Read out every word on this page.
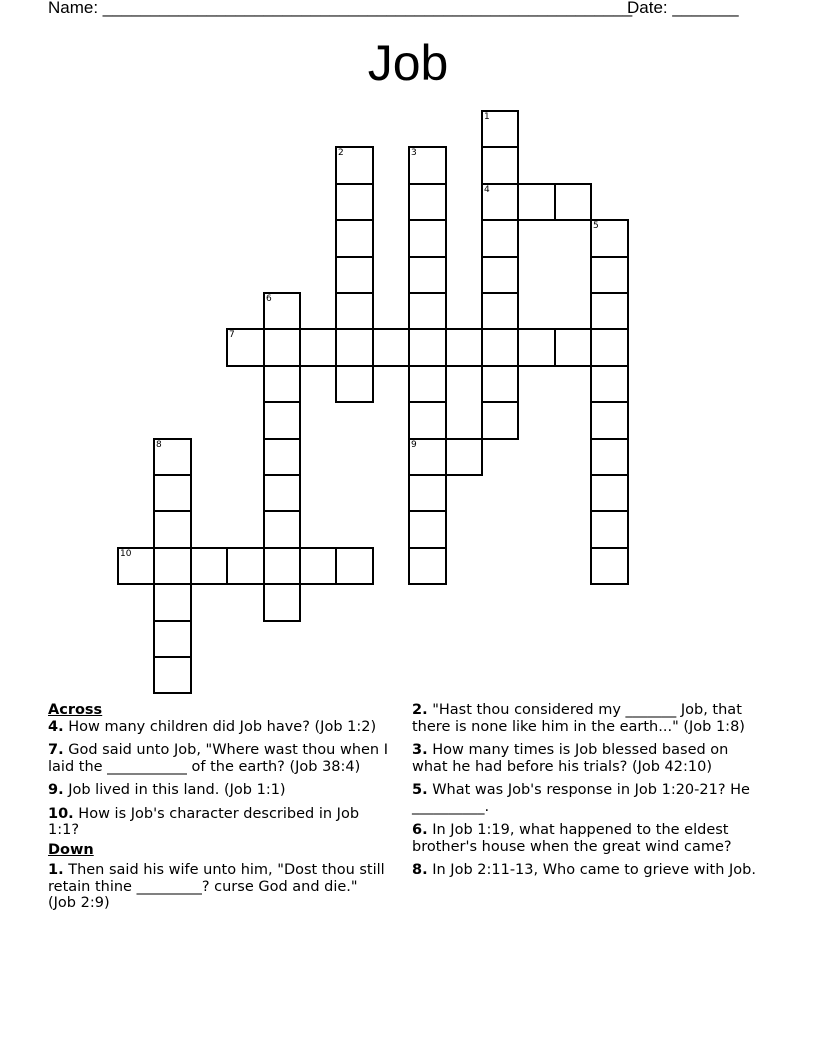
Name: ________________________________________________________
Date: _______
Job
1
4
2	3
9
5
6
7
8
10

Across

4. How many children did Job have? (Job 1:2)

7. God said unto Job, "Where wast thou when I laid the ___________ of the earth? (Job 38:4)

9. Job lived in this land. (Job 1:1)

10. How is Job's character described in Job 1:1?

Down

1. Then said his wife unto him, "Dost thou still retain thine _________? curse God and die." (Job 2:9)

2. "Hast thou considered my _______ Job, that there is none like him in the earth..." (Job 1:8)

3. How many times is Job blessed based on what he had before his trials? (Job 42:10)

5. What was Job's response in Job 1:20-21? He __________.

6. In Job 1:19, what happened to the eldest brother's house when the great wind came?

8. In Job 2:11-13, Who came to grieve with Job.
